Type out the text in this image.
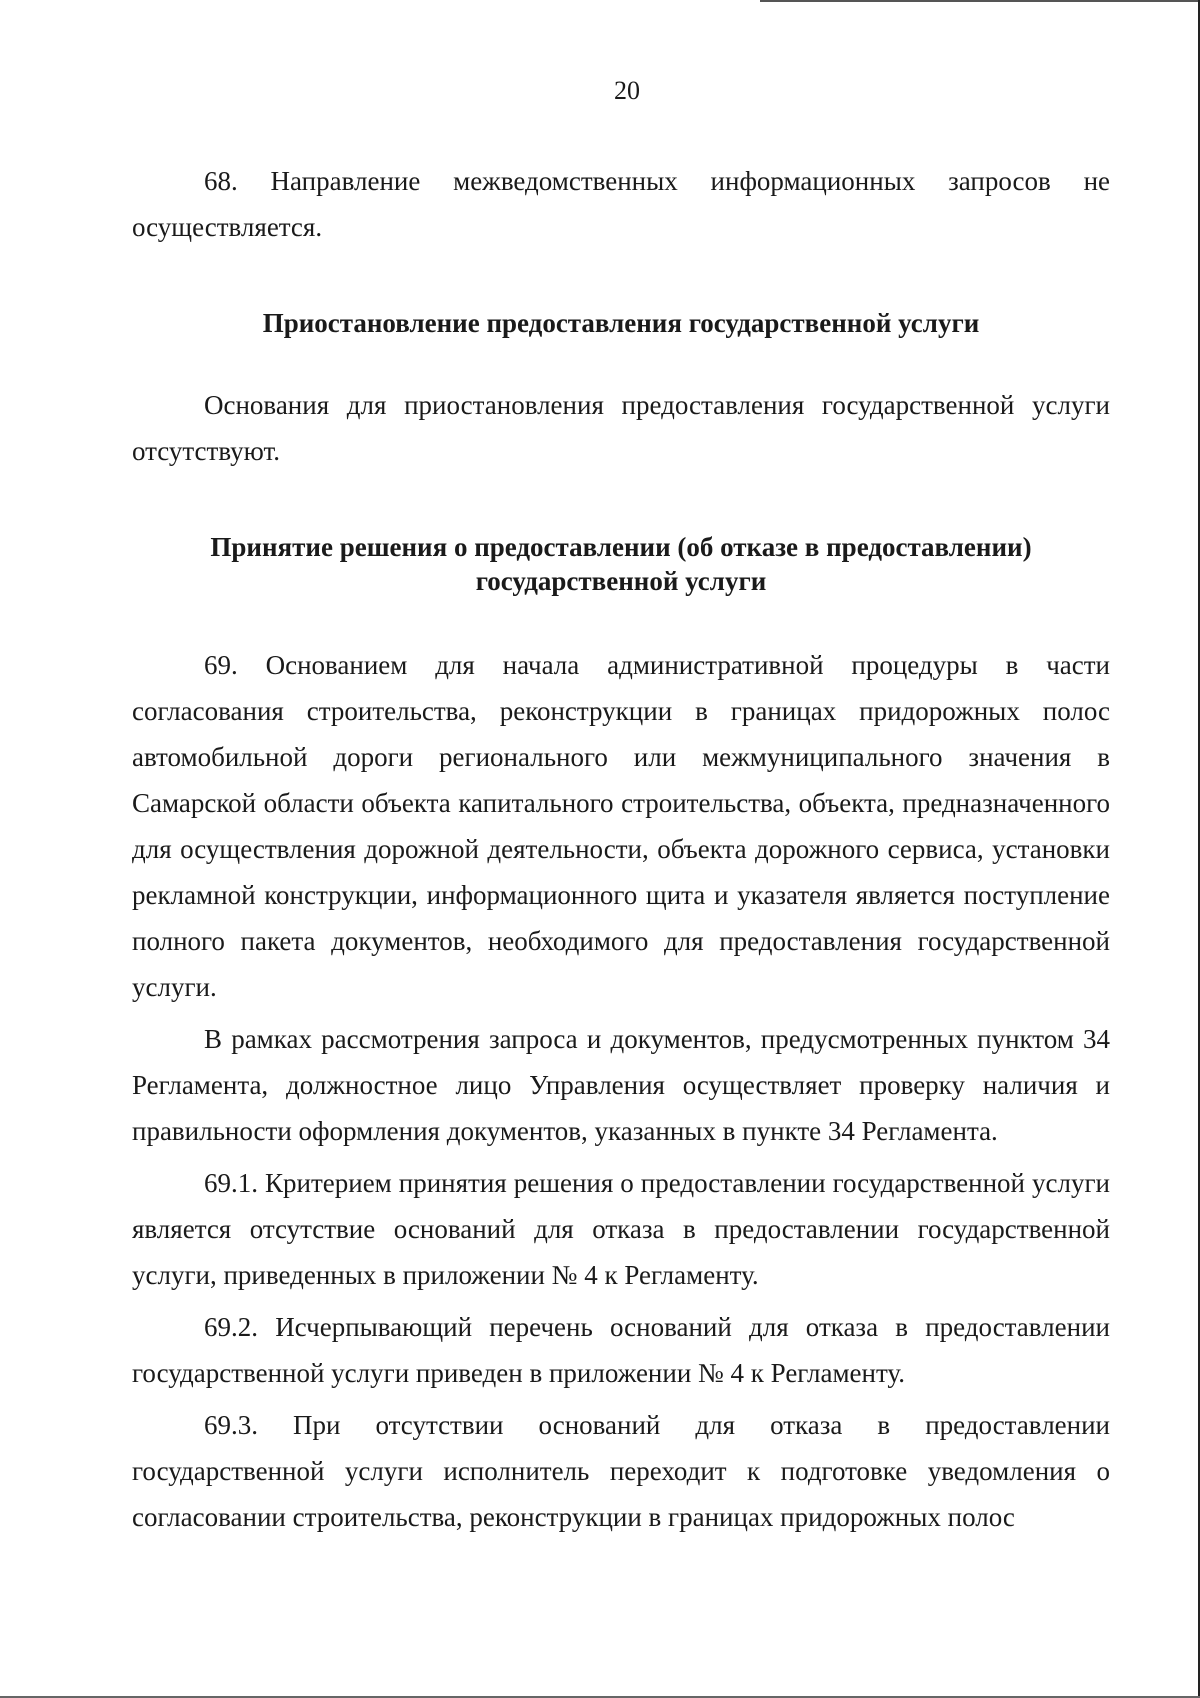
20

68. Направление межведомственных информационных запросов не осуществляется.

Приостановление предоставления государственной услуги

Основания для приостановления предоставления государственной услуги отсутствуют.

Принятие решения о предоставлении (об отказе в предоставлении)
государственной услуги

69. Основанием для начала административной процедуры в части согласования строительства, реконструкции в границах придорожных полос автомобильной дороги регионального или межмуниципального значения в Самарской области объекта капитального строительства, объекта, предназначенного для осуществления дорожной деятельности, объекта дорожного сервиса, установки рекламной конструкции, информационного щита и указателя является поступление полного пакета документов, необходимого для предоставления государственной услуги.

В рамках рассмотрения запроса и документов, предусмотренных пунктом 34 Регламента, должностное лицо Управления осуществляет проверку наличия и правильности оформления документов, указанных в пункте 34 Регламента.

69.1. Критерием принятия решения о предоставлении государственной услуги является отсутствие оснований для отказа в предоставлении государственной услуги, приведенных в приложении № 4 к Регламенту.

69.2. Исчерпывающий перечень оснований для отказа в предоставлении государственной услуги приведен в приложении № 4 к Регламенту.

69.3. При отсутствии оснований для отказа в предоставлении государственной услуги исполнитель переходит к подготовке уведомления о согласовании строительства, реконструкции в границах придорожных полос
